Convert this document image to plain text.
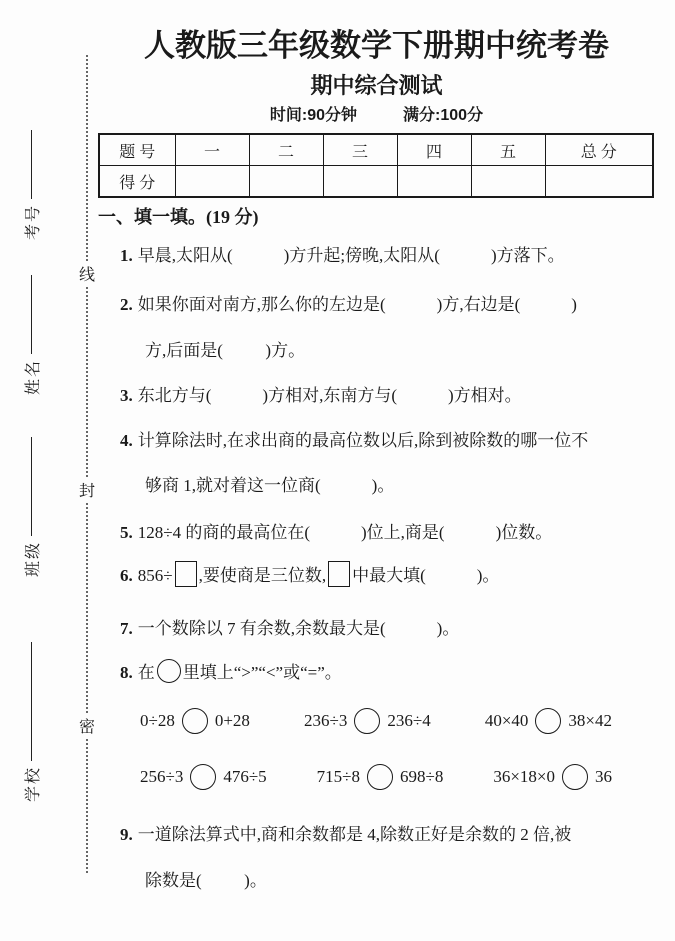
考号
姓名
班级
学校
线
封
密
人教版三年级数学下册期中统考卷
期中综合测试
时间:90分钟	满分:100分
题 号	一	二	三	四	五	总 分
得 分						
一、填一填。(19 分)
1. 早晨,太阳从(            )方升起;傍晚,太阳从(            )方落下。
2. 如果你面对南方,那么你的左边是(            )方,右边是(            )
方,后面是(          )方。
3. 东北方与(            )方相对,东南方与(            )方相对。
4. 计算除法时,在求出商的最高位数以后,除到被除数的哪一位不
够商 1,就对着这一位商(            )。
5. 128÷4 的商的最高位在(            )位上,商是(            )位数。
6. 856÷ ,要使商是三位数, 中最大填(            )。
7. 一个数除以 7 有余数,余数最大是(            )。
8. 在 里填上“>”“<”或“=”。
0÷28 0+28	236÷3 236÷4	40×40 38×42
256÷3 476÷5	715÷8 698÷8	36×18×0 36
9. 一道除法算式中,商和余数都是 4,除数正好是余数的 2 倍,被
除数是(          )。
